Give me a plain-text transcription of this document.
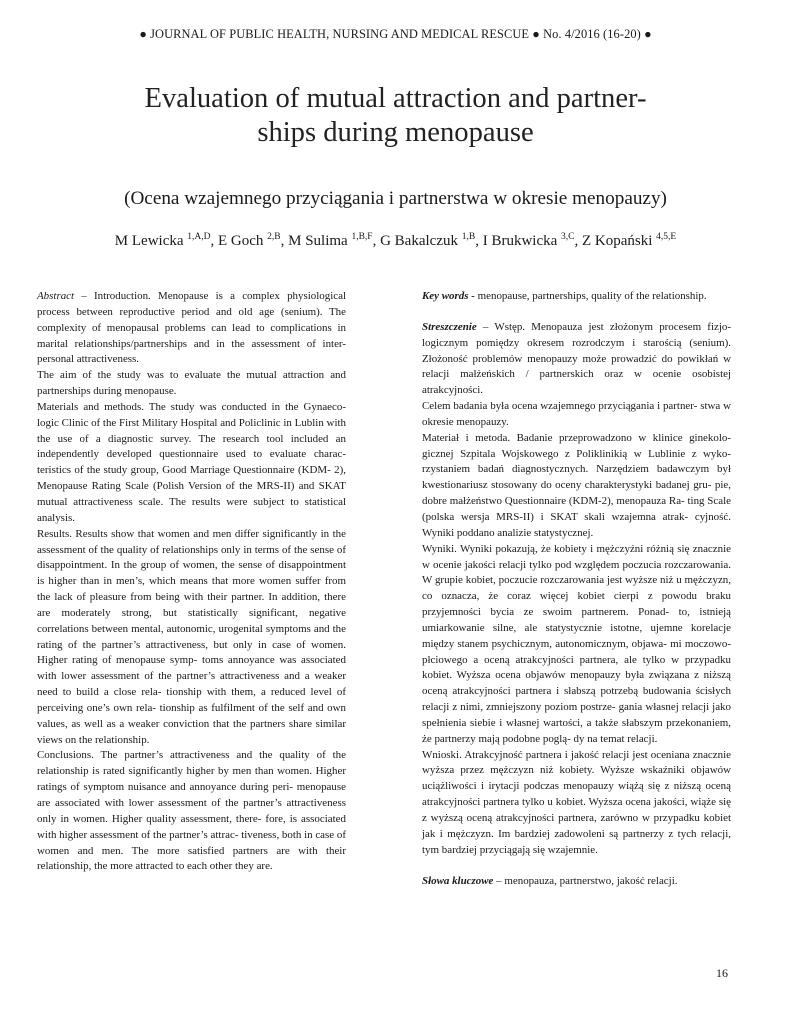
● JOURNAL OF PUBLIC HEALTH, NURSING AND MEDICAL RESCUE ● No. 4/2016 (16-20) ●
Evaluation of mutual attraction and partner-
ships during menopause
(Ocena wzajemnego przyciągania i partnerstwa w okresie menopauzy)
M Lewicka $^{1,A,D}$, E Goch $^{2,B}$, M Sulima $^{1,B,F}$, G Bakalczuk $^{1,B}$, I Brukwicka $^{3,C}$, Z Kopański $^{4,5,E}$

Abstract – Introduction. Menopause is a complex physiological process between reproductive period and old age (senium). The complexity of menopausal problems can lead to complications in marital relationships/partnerships and in the assessment of inter- personal attractiveness.

The aim of the study was to evaluate the mutual attraction and partnerships during menopause.

Materials and methods. The study was conducted in the Gynaeco- logic Clinic of the First Military Hospital and Policlinic in Lublin with the use of a diagnostic survey. The research tool included an independently developed questionnaire used to evaluate charac- teristics of the study group, Good Marriage Questionnaire (KDM- 2), Menopause Rating Scale (Polish Version of the MRS-II) and SKAT mutual attractiveness scale. The results were subject to statistical analysis.

Results. Results show that women and men differ significantly in the assessment of the quality of relationships only in terms of the sense of disappointment. In the group of women, the sense of disappointment is higher than in men’s, which means that more women suffer from the lack of pleasure from being with their partner. In addition, there are moderately strong, but statistically significant, negative correlations between mental, autonomic, urogenital symptoms and the rating of the partner’s attractiveness, but only in case of women. Higher rating of menopause symp- toms annoyance was associated with lower assessment of the partner’s attractiveness and a weaker need to build a close rela- tionship with them, a reduced level of perceiving one’s own rela- tionship as fulfilment of the self and own values, as well as a weaker conviction that the partners share similar views on the relationship.

Conclusions. The partner’s attractiveness and the quality of the relationship is rated significantly higher by men than women. Higher ratings of symptom nuisance and annoyance during peri- menopause are associated with lower assessment of the partner’s attractiveness only in women. Higher quality assessment, there- fore, is associated with higher assessment of the partner’s attrac- tiveness, both in case of women and men. The more satisfied partners are with their relationship, the more attracted to each other they are.

Key words - menopause, partnerships, quality of the relationship.

Streszczenie – Wstęp. Menopauza jest złożonym procesem fizjo- logicznym pomiędzy okresem rozrodczym i starością (senium). Złożoność problemów menopauzy może prowadzić do powikłań w relacji małżeńskich / partnerskich oraz w ocenie osobistej atrakcyjności.

Celem badania była ocena wzajemnego przyciągania i partner- stwa w okresie menopauzy.

Materiał i metoda. Badanie przeprowadzono w klinice ginekolo- gicznej Szpitala Wojskowego z Poliklinikią w Lublinie z wyko- rzystaniem badań diagnostycznych. Narzędziem badawczym był kwestionariusz stosowany do oceny charakterystyki badanej gru- pie, dobre małżeństwo Questionnaire (KDM-2), menopauza Ra- ting Scale (polska wersja MRS-II) i SKAT skali wzajemna atrak- cyjność. Wyniki poddano analizie statystycznej.

Wyniki. Wyniki pokazują, że kobiety i mężczyźni różnią się znacznie w ocenie jakości relacji tylko pod względem poczucia rozczarowania. W grupie kobiet, poczucie rozczarowania jest wyższe niż u mężczyzn, co oznacza, że coraz więcej kobiet cierpi z powodu braku przyjemności bycia ze swoim partnerem. Ponad- to, istnieją umiarkowanie silne, ale statystycznie istotne, ujemne korelacje między stanem psychicznym, autonomicznym, objawa- mi moczowo-płciowego a oceną atrakcyjności partnera, ale tylko w przypadku kobiet. Wyższa ocena objawów menopauzy była związana z niższą oceną atrakcyjności partnera i słabszą potrzebą budowania ścisłych relacji z nimi, zmniejszony poziom postrze- gania własnej relacji jako spełnienia siebie i własnej wartości, a także słabszym przekonaniem, że partnerzy mają podobne poglą- dy na temat relacji.

Wnioski. Atrakcyjność partnera i jakość relacji jest oceniana znacznie wyższa przez mężczyzn niż kobiety. Wyższe wskaźniki objawów uciążliwości i irytacji podczas menopauzy wiążą się z niższą oceną atrakcyjności partnera tylko u kobiet. Wyższa ocena jakości, wiąże się z wyższą oceną atrakcyjności partnera, zarówno w przypadku kobiet jak i mężczyzn. Im bardziej zadowoleni są partnerzy z tych relacji, tym bardziej przyciągają się wzajemnie.

Słowa kluczowe – menopauza, partnerstwo, jakość relacji.

16
